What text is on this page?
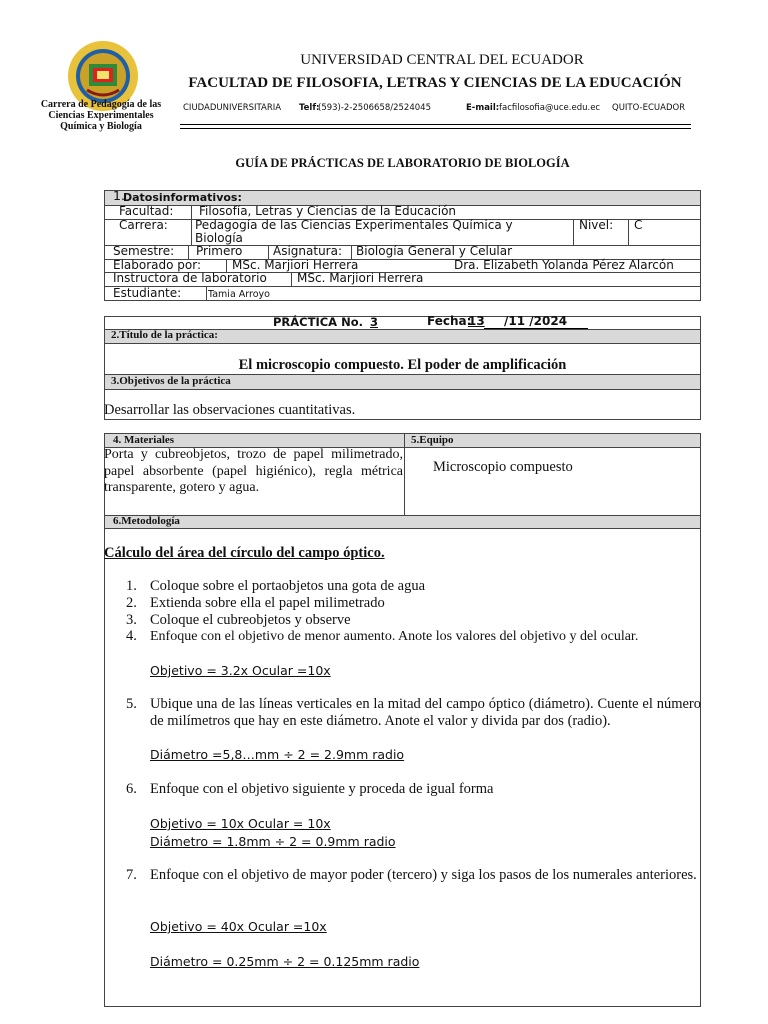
Carrera de Pedagogía de las
Ciencias Experimentales
Química y Biología
UNIVERSIDAD CENTRAL DEL ECUADOR
FACULTAD DE FILOSOFIA, LETRAS Y CIENCIAS DE LA EDUCACIÓN
CIUDADUNIVERSITARIA Telf:
(593)-2-2506658/2524045	E-mail: facfilosofia@uce.edu.ec QUITO-ECUADOR
GUÍA DE PRÁCTICAS DE LABORATORIO DE BIOLOGÍA
1.
Datosinformativos:
Facultad: Filosofía, Letras y Ciencias de la Educación
Carrera: Pedagogía de las Ciencias Experimentales Química y
Biología
Nivel: C
Semestre: Primero	Asignatura: Biología General y Celular
Elaborado por:	MSc. Marjiori Herrera	Dra. Elizabeth Yolanda Pérez Alarcón
Instructora de laboratorio	MSc. Marjiori Herrera
Estudiante:	Tamia Arroyo
PRÁCTICA No. 3	Fecha:
13	/11 /2024
2.Título de la práctica:
El microscopio compuesto. El poder de amplificación
3.Objetivos de la práctica
Desarrollar las observaciones cuantitativas.
4. Materiales	5.Equipo
Porta y cubreobjetos, trozo de papel milimetrado, papel absorbente (papel higiénico), regla métrica transparente, gotero y agua.
Microscopio compuesto
6.Metodología
Cálculo del área del círculo del campo óptico.
1. Coloque sobre el portaobjetos una gota de agua
2. Extienda sobre ella el papel milimetrado
3. Coloque el cubreobjetos y observe
4. Enfoque con el objetivo de menor aumento. Anote los valores del objetivo y del ocular.
Objetivo = 3.2x Ocular =10x
5. Ubique una de las líneas verticales en la mitad del campo óptico (diámetro). Cuente el número de milímetros que hay en este diámetro. Anote el valor y divida par dos (radio).
Diámetro =5,8…mm ÷ 2 = 2.9mm radio
6. Enfoque con el objetivo siguiente y proceda de igual forma
Objetivo = 10x Ocular = 10x
Diámetro = 1.8mm ÷ 2 = 0.9mm radio
7. Enfoque con el objetivo de mayor poder (tercero) y siga los pasos de los numerales anteriores.
Objetivo = 40x Ocular =10x
Diámetro = 0.25mm ÷ 2 = 0.125mm radio
